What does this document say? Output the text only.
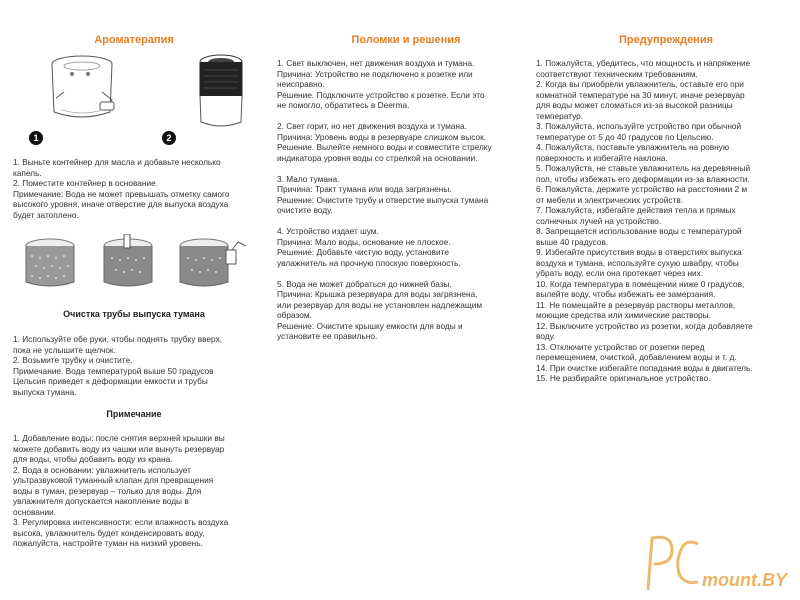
Ароматерапия
1	2

1. Выньте контейнер для масла и добавьте несколько
капель.
2. Поместите контейнер в основание.
Примечание: Вода не может превышать отметку самого
высокого уровня, иначе отверстие для выпуска воздуха
будет затоплено.

Очистка трубы выпуска тумана

1. Используйте обе руки, чтобы поднять трубку вверх,
пока не услышите щелчок.
2. Возьмите трубку и очистите.
Примечание. Вода температурой выше 50 градусов
Цельсия приведет к деформации емкости и трубы
выпуска тумана.

Примечание

1. Добавление воды: после снятия верхней крышки вы
можете добавить воду из чашки или вынуть резервуар
для воды, чтобы добавить воду из крана.
2. Вода в основании: увлажнитель использует
ультразвуковой туманный клапан для превращения
воды в туман, резервуар – только для воды. Для
увлажнителя допускается накопление воды в
основании.
3. Регулировка интенсивности: если влажность воздуха
высока, увлажнитель будет конденсировать воду,
пожалуйста, настройте туман на низкий уровень.

Поломки и решения

1. Свет выключен, нет движения воздуха и тумана.
Причина: Устройство не подключено к розетке или
неисправно.
Решение. Подключите устройство к розетке. Если это
не помогло, обратитесь в Deerma.

2. Свет горит, но нет движения воздуха и тумана.
Причина: Уровень воды в резервуаре слишком высок.
Решение. Вылейте немного воды и совместите стрелку
индикатора уровня воды со стрелкой на основании.

3. Мало тумана.
Причина: Тракт тумана или вода загрязнены.
Решение: Очистите трубу и отверстие выпуска тумана
очистите воду.

4. Устройство издает шум.
Причина: Мало воды, основание не плоское.
Решение: Добавьте чистую воду, установите
увлажнитель на прочную плоскую поверхность.

5. Вода не может добраться до нижней базы.
Причина: Крышка резервуара для воды загрязнена,
или резервуар для воды не установлен надлежащим
образом.
Решение: Очистите крышку емкости для воды и
установите ее правильно.

Предупреждения

1. Пожалуйста, убедитесь, что мощность и напряжение
соответствуют техническим требованиям.
2. Когда вы приобрели увлажнитель, оставьте его при
комнатной температуре на 30 минут, иначе резервуар
для воды может сломаться из-за высокой разницы
температур.
3. Пожалуйста, используйте устройство при обычной
температуре от 5 до 40 градусов по Цельсию.
4. Пожалуйста, поставьте увлажнитель на ровную
поверхность и избегайте наклона.
5. Пожалуйста, не ставьте увлажнитель на деревянный
пол, чтобы избежать его деформации из-за влажности.
6. Пожалуйста, держите устройство на расстоянии 2 м
от мебели и электрических устройств.
7. Пожалуйста, избегайте действия тепла и прямых
солнечных лучей на устройство.
8. Запрещается использование воды с температурой
выше 40 градусов.
9. Избегайте присутствия воды в отверстиях выпуска
воздуха и тумана, используйте сухую швабру, чтобы
убрать воду, если она протекает через них.
10. Когда температура в помещении ниже 0 градусов,
вылейте воду, чтобы избежать ее замерзания.
11. Не помещайте в резервуар растворы металлов,
моющие средства или химические растворы.
12. Выключите устройство из розетки, когда добавляете
воду.
13. Отключите устройство от розетки перед
перемещением, очисткой, добавлением воды и т. д.
14. При очистке избегайте попадания воды в двигатель.
15. Не разбирайте оригинальное устройство.

mount.BY
